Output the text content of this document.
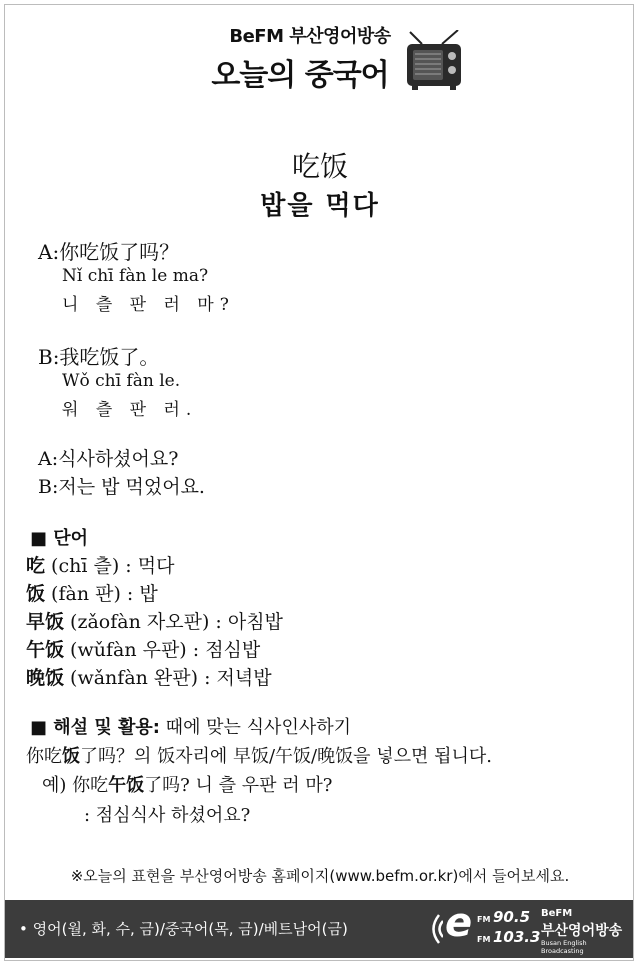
BeFM 부산영어방송
오늘의 중국어
吃饭
밥을 먹다
A:你吃饭了吗？
Nǐ chī fàn le ma?
니 츨 판 러 마?
B:我吃饭了。
Wǒ chī fàn le.
워 츨 판 러.
A:식사하셨어요?
B:저는 밥 먹었어요.
■ 단어
吃 (chī 츨) : 먹다
饭 (fàn 판) : 밥
早饭 (zǎofàn 자오판) : 아침밥
午饭 (wǔfàn 우판) : 점심밥
晚饭 (wǎnfàn 완판) : 저녁밥
■ 해설 및 활용: 때에 맞는 식사인사하기
你吃饭了吗？의 饭자리에 早饭/午饭/晚饭을 넣으면 됩니다.
예) 你吃午饭了吗? 니 츨 우판 러 마?
: 점심식사 하셨어요?
※오늘의 표현을 부산영어방송 홈페이지(www.befm.or.kr)에서 들어보세요.
• 영어(월, 화, 수, 금)/중국어(목, 금)/베트남어(금) e FM 90.5
FM 103.3
BeFM
부산영어방송
Busan English Broadcasting
